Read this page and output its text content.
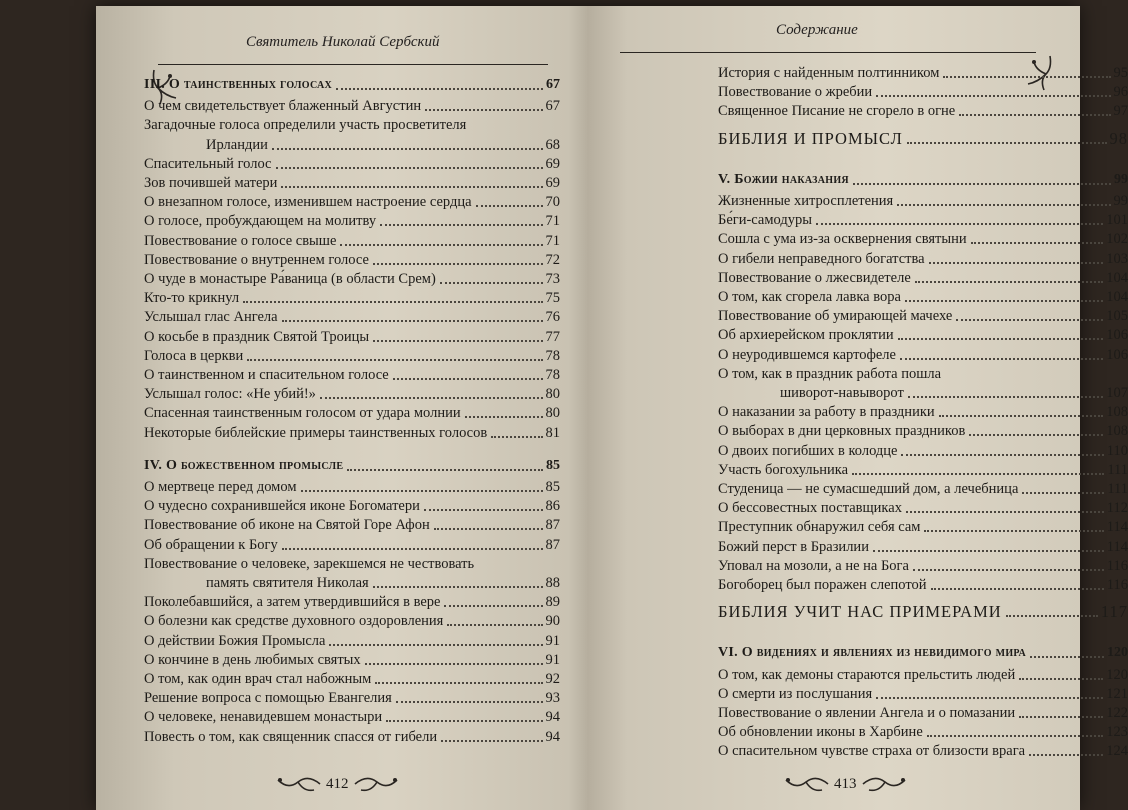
Святитель Николай Сербский
III. О таинственных голосах	67
О чем свидетельствует блаженный Августин	67
Загадочные голоса определили участь просветителя
Ирландии	68
Спасительный голос	69
Зов почившей матери	69
О внезапном голосе, изменившем настроение сердца	70
О голосе, пробуждающем на молитву	71
Повествование о голосе свыше	71
Повествование о внутреннем голосе	72
О чуде в монастыре Ра́ваница (в области Срем)	73
Кто-то крикнул	75
Услышал глас Ангела	76
О косьбе в праздник Святой Троицы	77
Голоса в церкви	78
О таинственном и спасительном голосе	78
Услышал голос: «Не убий!»	80
Спасенная таинственным голосом от удара молнии	80
Некоторые библейские примеры таинственных голосов	81
IV. О божественном промысле	85
О мертвеце перед домом	85
О чудесно сохранившейся иконе Богоматери	86
Повествование об иконе на Святой Горе Афон	87
Об обращении к Богу	87
Повествование о человеке, зарекшемся не чествовать
память святителя Николая	88
Поколебавшийся, а затем утвердившийся в вере	89
О болезни как средстве духовного оздоровления	90
О действии Божия Промысла	91
О кончине в день любимых святых	91
О том, как один врач стал набожным	92
Решение вопроса с помощью Евангелия	93
О человеке, ненавидевшем монастыри	94
Повесть о том, как священник спасся от гибели	94
412
Содержание
История с найденным полтинником	95
Повествование о жребии	96
Священное Писание не сгорело в огне	97
БИБЛИЯ И ПРОМЫСЛ	98
V. Божии наказания	99
Жизненные хитросплетения	99
Бе́ги-самодуры	101
Сошла с ума из-за осквернения святыни	102
О гибели неправедного богатства	103
Повествование о лжесвидетеле	104
О том, как сгорела лавка вора	104
Повествование об умирающей мачехе	105
Об архиерейском проклятии	106
О неуродившемся картофеле	106
О том, как в праздник работа пошла
шиворот-навыворот	107
О наказании за работу в праздники	108
О выборах в дни церковных праздников	108
О двоих погибших в колодце	110
Участь богохульника	111
Студеница — не сумасшедший дом, а лечебница	111
О бессовестных поставщиках	112
Преступник обнаружил себя сам	114
Божий перст в Бразилии	114
Уповал на мозоли, а не на Бога	116
Богоборец был поражен слепотой	116
БИБЛИЯ УЧИТ НАС ПРИМЕРАМИ	117
VI. О видениях и явлениях из невидимого мира	120
О том, как демоны стараются прельстить людей	120
О смерти из послушания	121
Повествование о явлении Ангела и о помазании	122
Об обновлении иконы в Харбине	123
О спасительном чувстве страха от близости врага	124
413
